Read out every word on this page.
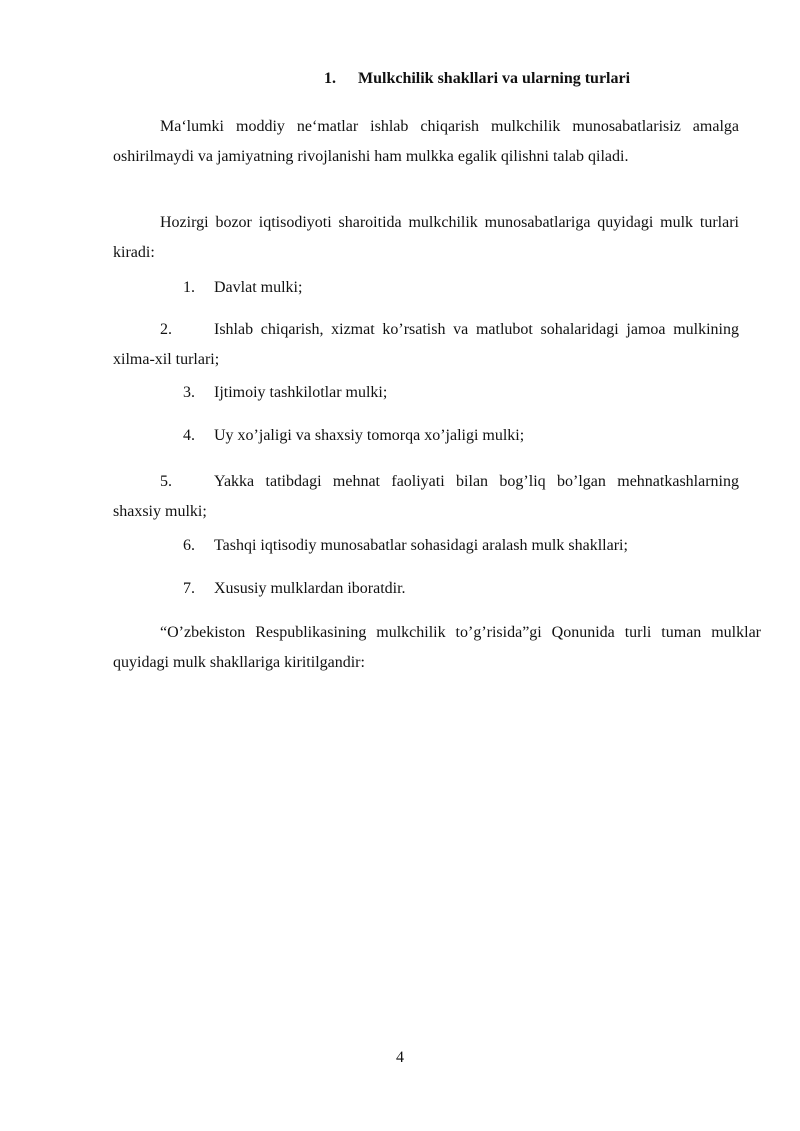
1. Mulkchilik shakllari va ularning turlari

Ma‘lumki moddiy ne‘matlar ishlab chiqarish mulkchilik munosabatlarisiz amalga oshirilmaydi va jamiyatning rivojlanishi ham mulkka egalik qilishni talab qiladi.

Hozirgi bozor iqtisodiyoti sharoitida mulkchilik munosabatlariga quyidagi mulk turlari kiradi:

1. Davlat mulki;

2.	Ishlab chiqarish, xizmat ko’rsatish va matlubot sohalaridagi jamoa mulkining xilma-xil turlari;

3. Ijtimoiy tashkilotlar mulki;

4. Uy xo’jaligi va shaxsiy tomorqa xo’jaligi mulki;

5.	Yakka tatibdagi mehnat faoliyati bilan bog’liq bo’lgan mehnatkashlarning shaxsiy mulki;

6. Tashqi iqtisodiy munosabatlar sohasidagi aralash mulk shakllari;

7. Xususiy mulklardan iboratdir.

“O’zbekiston Respublikasining mulkchilik to’g’risida”gi Qonunida turli tuman mulklar quyidagi mulk shakllariga kiritilgandir:

4
